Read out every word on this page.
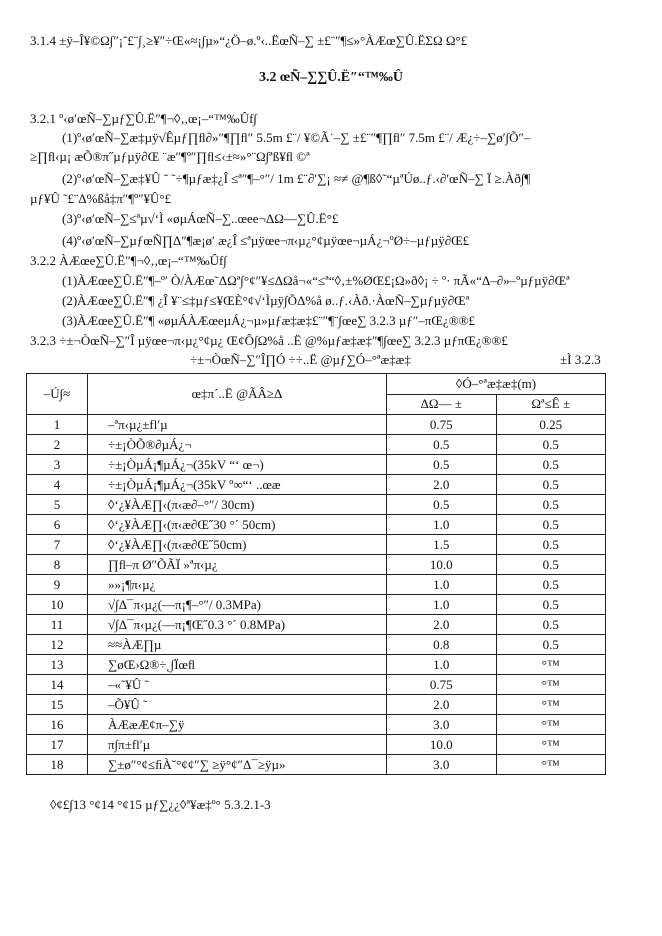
3.1.4 ±ÿ–Î¥©Ω∫″¡˜£¨∫¸≥¥″÷Œ«≈¡∫µ»“¿Ö–ø.º‹..ËœÑ–∑ ±£¨″¶≤»°ÀÆœ∑Û.ËΣΩ Ω°£
3.2 œÑ–∑∑Û.Ë″“™‰Û
3.2.1 º‹ø′œÑ–∑µƒ∑Û.Ë″¶¬◊‚,œ¡–“™‰Ûf∫
(1)º‹ø′œÑ–∑æ‡µÿ√Êµƒ∏ﬂ∂»″¶∏ﬂ″ 5.5m £¨/ ¥©Ã˙–∑ ±£¨″¶∏ﬂ″ 7.5m £¨/ Æ¿÷–∑ø′∫Õ″–
≥∏ﬂ‹µ¡ æÕ®π˝µƒµÿ∂Œ ¨æ″¶º″∏ﬂ≤‹±≈»°¨Ω∫ªß¥ﬂ ©ª
(2)º‹ø′œÑ–∑æ‡¥Û ˜ ˜÷¶µƒæ‡¿Î ≤ª″¶–°″/ 1m £¨∂′∑¡ ≈≠ @¶ß◊˜“µªÚø..ƒ.‹∂′œÑ–∑ Ï ≥.Àð∫¶
µƒ¥Û ˜£¨Δ%ßå‡π″¶º″¥Û°£
(3)º‹ø′œÑ–∑≤ªµ√‘Ì «øµÁœÑ–∑..œee¬ΔΩ––∑Û.Ë°£
(4)º‹ø′œÑ–∑µƒœÑ∏Δ″¶æ¡ø′ æ¿Î ≤ªµÿœe¬π‹µ¿°¢µÿœe¬µÁ¿¬ºØ÷–µƒµÿ∂Œ£
3.2.2 ÀÆœe∑Û.Ë″¶¬◊‚,œ¡–“™‰Ûf∫
(1)ÀÆœe∑Û.Ë″¶–º′ Ò/ÀÆœ˜ΔΩª∫°¢″¥≤ΔΩå¬«“≤ª“◊‚±%ØŒ£¡Ω»ð◊¡ ÷ º· πÃ«“Δ–∂»–ºµƒµÿ∂Œª
(2)ÀÆœe∑Û.Ë″¶ ¿Î ¥¨≤‡µƒ≤¥ŒÈ°¢√‘Ìµÿ∫ÕΔ%å ø..ƒ.‹Àð.·ÀœÑ–∑µƒµÿ∂Œª
(3)ÀÆœe∑Û.Ë″¶ «øµÁÀÆœeµÁ¿¬µ»µƒæ‡æ‡£¨″¶¨∫œe∑ 3.2.3 µƒ″–πŒ¿®®£
3.2.3 ÷±¬ÒœÑ–∑″Î µÿœe¬π‹µ¿°¢µ¿ Œ¢Ô∫Ω%å ..Ë @%µƒæ‡æ‡″¶∫œe∑ 3.2.3 µƒπŒ¿®®£
÷±¬ÒœÑ–∑″Î∏Ó ÷÷..Ë @µƒ∑Ó–°ªæ‡æ‡	±Ì 3.2.3
–Ú∫≈	œ‡π´..Ë @ÃÂ≥Δ	◊Ó–°ªæ‡æ‡(m)	
		ΔΩ–– ±	Ωª≤Ê ±
1	–ªπ‹µ¿±fl′µ	0.75	0.25
2	÷±¡ÒÕ®∂µÁ¿¬	0.5	0.5
3	÷±¡ÒµÁ¡¶µÁ¿¬(35kV “‘ œ¬)	0.5	0.5
4	÷±¡ÒµÁ¡¶µÁ¿¬(35kV º∞“‘ ..œæ	2.0	0.5
5	◊‘¿¥ÀÆ∏‹(π‹æ∂–°″/ 30cm)	0.5	0.5
6	◊‘¿¥ÀÆ∏‹(π‹æ∂Œ˝30 °´ 50cm)	1.0	0.5
7	◊‘¿¥ÀÆ∏‹(π‹æ∂Œ˝50cm)	1.5	0.5
8	∏ﬂ–π Ø″ÕÃÏ »ªπ‹µ¿	10.0	0.5
9	»»¡¶π‹µ¿	1.0	0.5
10	√∫Δ¯π‹µ¿(—π¡¶–°″/ 0.3MPa)	1.0	0.5
11	√∫Δ¯π‹µ¿(—π¡¶Œ˝0.3 °´ 0.8MPa)	2.0	0.5
12	≈≈ÀÆ∏µ	0.8	0.5
13	∑øŒ›Ω®÷˛∫Ïœﬂ	1.0	°™
14	–«˜¥Û ˜	0.75	°™
15	–Õ¥Û ˜	2.0	°™
16	ÀÆæÆ¢π–∑ÿ	3.0	°™
17	π∫π±fl′µ	10.0	°™
18	∑±ø″°¢≤ﬁÀ˘°¢¢″∑ ≥ÿ°¢″Δ¯≥ÿµ»	3.0	°™
◊¢£∫13 °¢14 °¢15 µƒ∑¿¿◊ª¥æ‡º° 5.3.2.1-3
